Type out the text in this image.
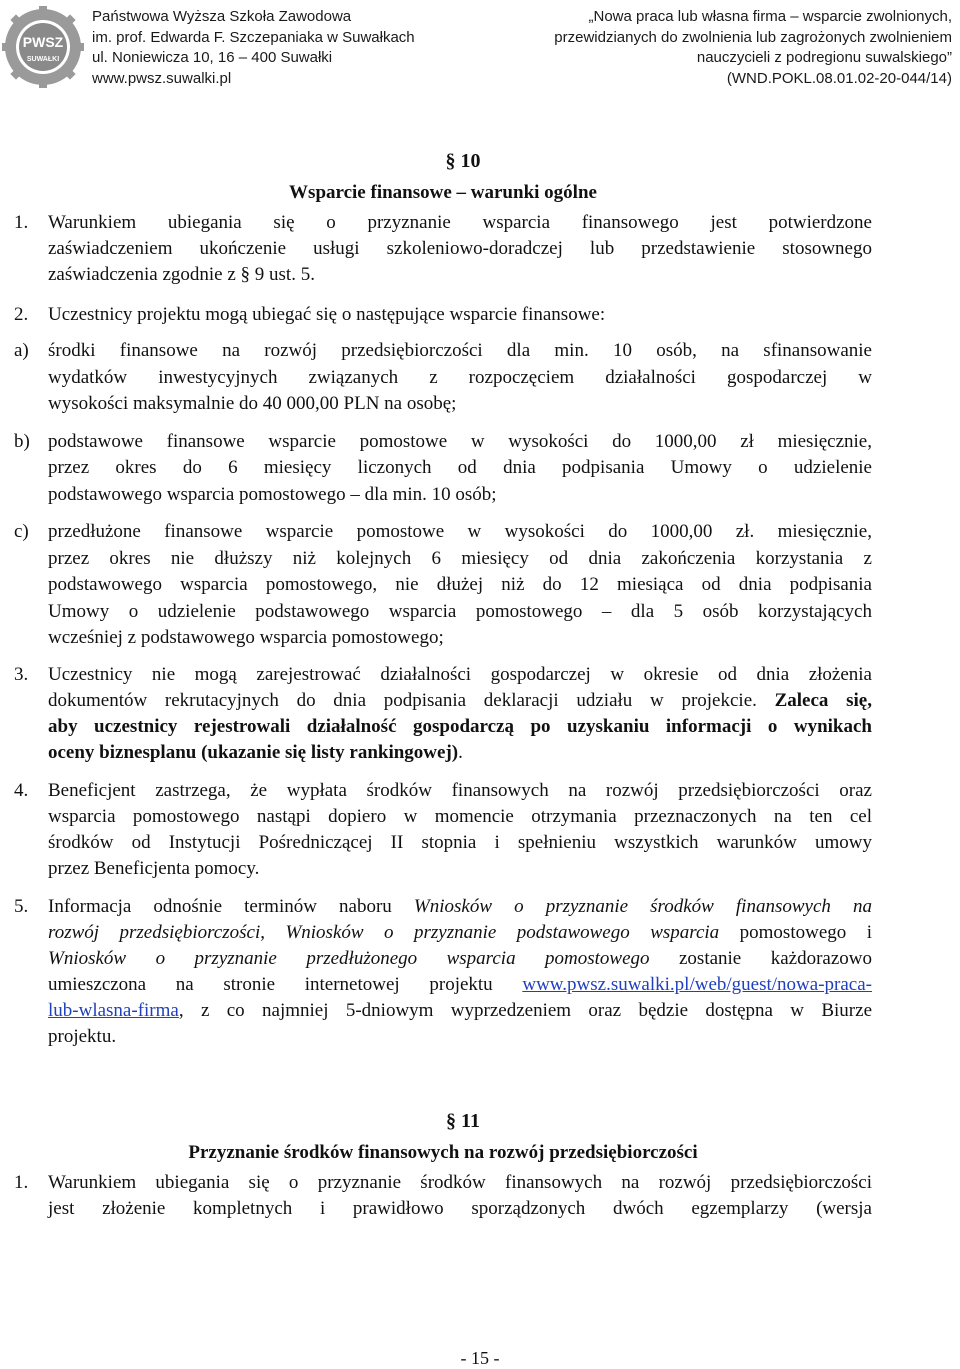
PWSZ
SUWAŁKI
Państwowa Wyższa Szkoła Zawodowa
im. prof. Edwarda F. Szczepaniaka w Suwałkach
ul. Noniewicza 10, 16 – 400 Suwałki
www.pwsz.suwalki.pl
„Nowa praca lub własna firma – wsparcie zwolnionych,
przewidzianych do zwolnienia lub zagrożonych zwolnieniem
nauczycieli z podregionu suwalskiego”
(WND.POKL.08.01.02-20-044/14)

§ 10

Wsparcie finansowe – warunki ogólne

1.	Warunkiem ubiegania się o przyznanie wsparcia finansowego jest potwierdzone
zaświadczeniem ukończenie usługi szkoleniowo-doradczej lub przedstawienie stosownego
zaświadczenia zgodnie z § 9 ust. 5.
2.	Uczestnicy projektu mogą ubiegać się o następujące wsparcie finansowe:
a)	środki finansowe na rozwój przedsiębiorczości dla min. 10 osób, na sfinansowanie
wydatków inwestycyjnych związanych z rozpoczęciem działalności gospodarczej w
wysokości maksymalnie do 40 000,00 PLN na osobę;
b) podstawowe finansowe wsparcie pomostowe w wysokości do 1000,00 zł miesięcznie,
przez okres do 6 miesięcy liczonych od dnia podpisania Umowy o udzielenie
podstawowego wsparcia pomostowego – dla min. 10 osób;
c)	przedłużone finansowe wsparcie pomostowe w wysokości do 1000,00 zł. miesięcznie,
przez okres nie dłuższy niż kolejnych 6 miesięcy od dnia zakończenia korzystania z
podstawowego wsparcia pomostowego, nie dłużej niż do 12 miesiąca od dnia podpisania
Umowy o udzielenie podstawowego wsparcia pomostowego – dla 5 osób korzystających
wcześniej z podstawowego wsparcia pomostowego;
3.	Uczestnicy nie mogą zarejestrować działalności gospodarczej w okresie od dnia złożenia
dokumentów rekrutacyjnych do dnia podpisania deklaracji udziału w projekcie. Zaleca się,
aby uczestnicy rejestrowali działalność gospodarczą po uzyskaniu informacji o wynikach
oceny biznesplanu (ukazanie się listy rankingowej).
4.	Beneficjent zastrzega, że wypłata środków finansowych na rozwój przedsiębiorczości oraz
wsparcia pomostowego nastąpi dopiero w momencie otrzymania przeznaczonych na ten cel
środków od Instytucji Pośredniczącej II stopnia i spełnieniu wszystkich warunków umowy
przez Beneficjenta pomocy.
5.	Informacja odnośnie terminów naboru Wniosków o przyznanie środków finansowych na
rozwój przedsiębiorczości, Wniosków o przyznanie podstawowego wsparcia pomostowego i
Wniosków o przyznanie przedłużonego wsparcia pomostowego zostanie każdorazowo
umieszczona na stronie internetowej projektu www.pwsz.suwalki.pl/web/guest/nowa-praca-
lub-wlasna-firma, z co najmniej 5-dniowym wyprzedzeniem oraz będzie dostępna w Biurze
projektu.

§ 11

Przyznanie środków finansowych na rozwój przedsiębiorczości

1.	Warunkiem ubiegania się o przyznanie środków finansowych na rozwój przedsiębiorczości
jest złożenie kompletnych i prawidłowo sporządzonych dwóch egzemplarzy (wersja
- 15 -
